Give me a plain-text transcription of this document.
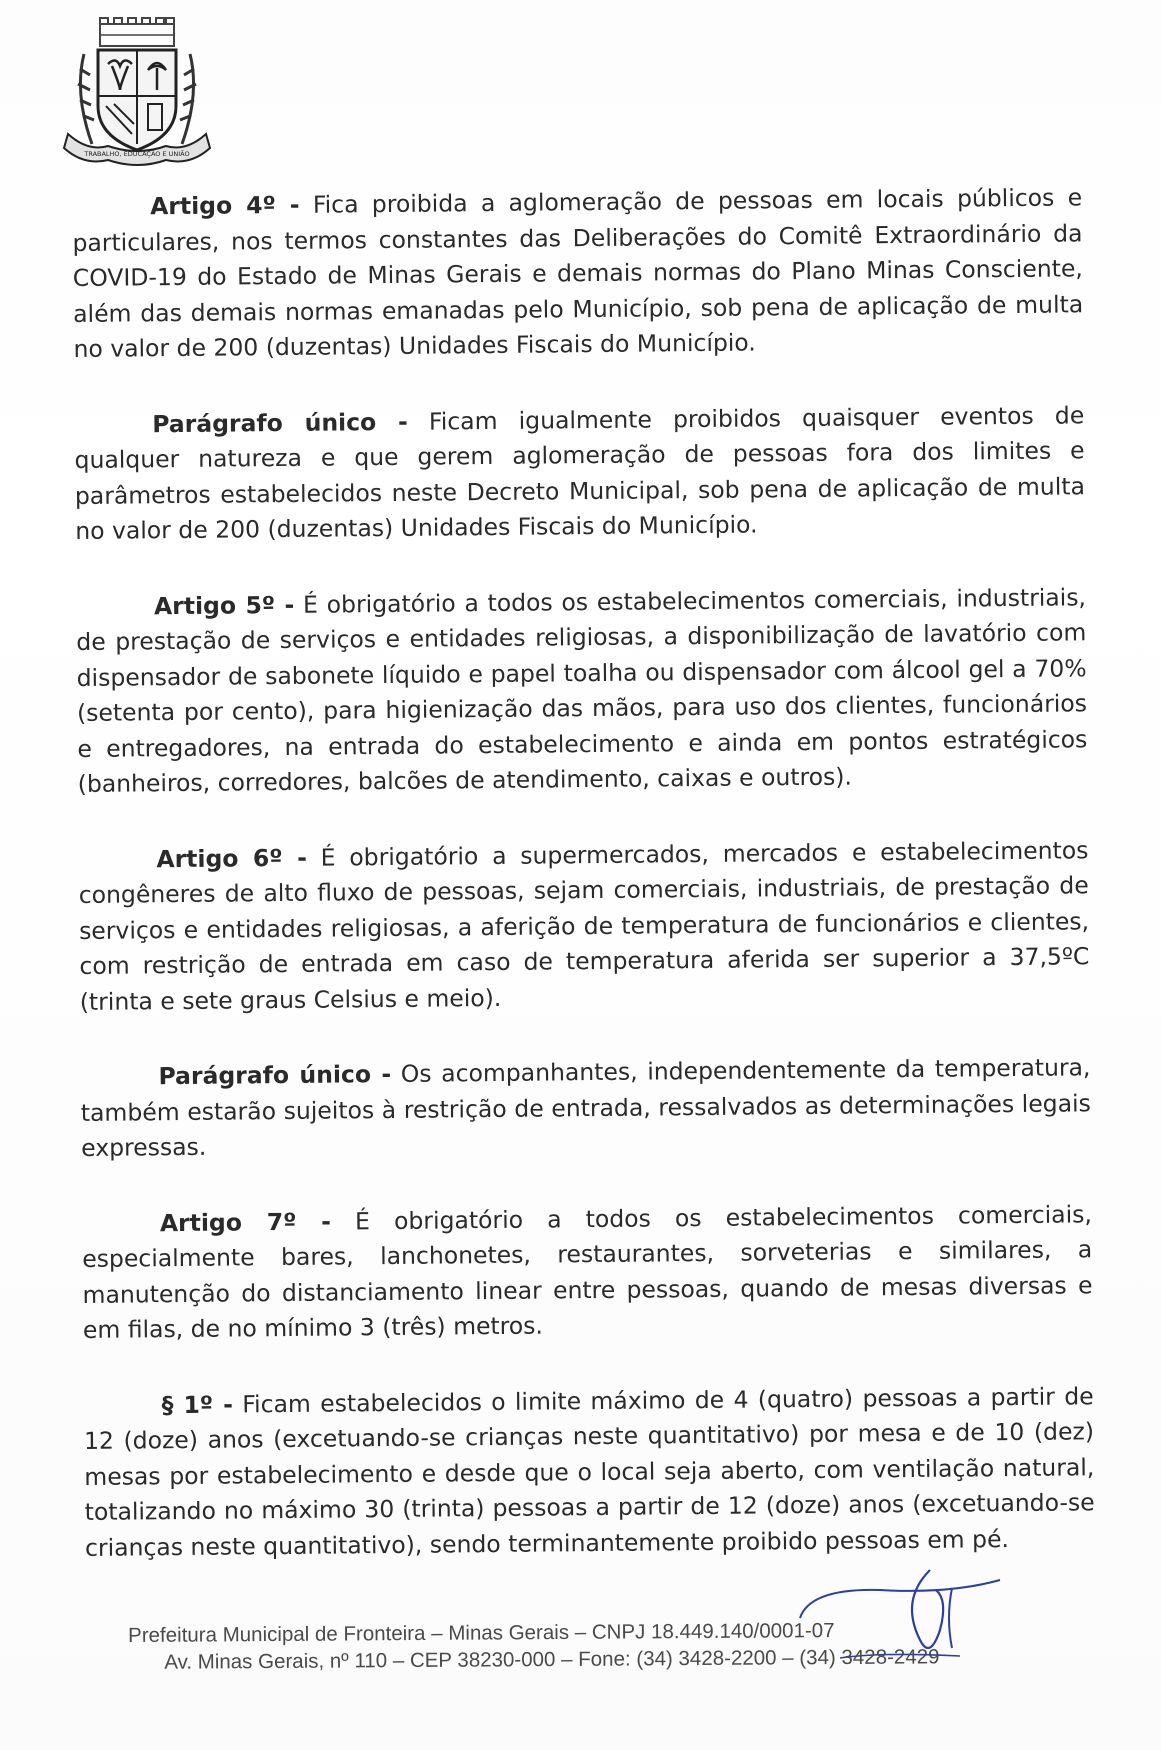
TRABALHO, EDUCAÇÃO E UNIÃO

Artigo 4º - Fica proibida a aglomeração de pessoas em locais públicos e particulares, nos termos constantes das Deliberações do Comitê Extraordinário da COVID-19 do Estado de Minas Gerais e demais normas do Plano Minas Consciente, além das demais normas emanadas pelo Município, sob pena de aplicação de multa no valor de 200 (duzentas) Unidades Fiscais do Município.

Parágrafo único - Ficam igualmente proibidos quaisquer eventos de qualquer natureza e que gerem aglomeração de pessoas fora dos limites e parâmetros estabelecidos neste Decreto Municipal, sob pena de aplicação de multa no valor de 200 (duzentas) Unidades Fiscais do Município.

Artigo 5º - É obrigatório a todos os estabelecimentos comerciais, industriais, de prestação de serviços e entidades religiosas, a disponibilização de lavatório com dispensador de sabonete líquido e papel toalha ou dispensador com álcool gel a 70% (setenta por cento), para higienização das mãos, para uso dos clientes, funcionários e entregadores, na entrada do estabelecimento e ainda em pontos estratégicos (banheiros, corredores, balcões de atendimento, caixas e outros).

Artigo 6º - É obrigatório a supermercados, mercados e estabelecimentos congêneres de alto fluxo de pessoas, sejam comerciais, industriais, de prestação de serviços e entidades religiosas, a aferição de temperatura de funcionários e clientes, com restrição de entrada em caso de temperatura aferida ser superior a 37,5ºC (trinta e sete graus Celsius e meio).

Parágrafo único - Os acompanhantes, independentemente da temperatura, também estarão sujeitos à restrição de entrada, ressalvados as determinações legais expressas.

Artigo 7º - É obrigatório a todos os estabelecimentos comerciais, especialmente bares, lanchonetes, restaurantes, sorveterias e similares, a manutenção do distanciamento linear entre pessoas, quando de mesas diversas e em filas, de no mínimo 3 (três) metros.

§ 1º - Ficam estabelecidos o limite máximo de 4 (quatro) pessoas a partir de 12 (doze) anos (excetuando-se crianças neste quantitativo) por mesa e de 10 (dez) mesas por estabelecimento e desde que o local seja aberto, com ventilação natural, totalizando no máximo 30 (trinta) pessoas a partir de 12 (doze) anos (excetuando-se crianças neste quantitativo), sendo terminantemente proibido pessoas em pé.

Prefeitura Municipal de Fronteira – Minas Gerais – CNPJ 18.449.140/0001-07
Av. Minas Gerais, nº 110 – CEP 38230-000 – Fone: (34) 3428-2200 – (34) 3428-2429
